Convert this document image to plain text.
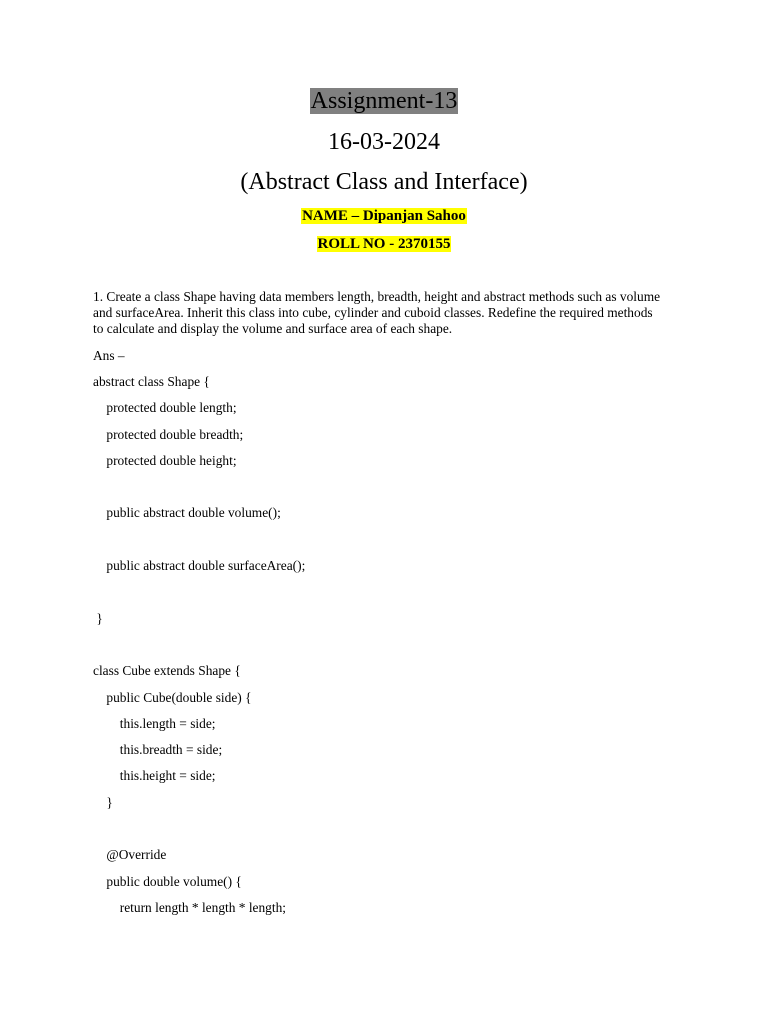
Assignment-13
16-03-2024
(Abstract Class and Interface)
NAME – Dipanjan Sahoo
ROLL NO - 2370155
1. Create a class Shape having data members length, breadth, height and abstract methods such as volume and surfaceArea. Inherit this class into cube, cylinder and cuboid classes. Redefine the required methods to calculate and display the volume and surface area of each shape.
Ans –
abstract class Shape {
protected double length;
protected double breadth;
protected double height;
public abstract double volume();
public abstract double surfaceArea();
}
class Cube extends Shape {
public Cube(double side) {
this.length = side;
this.breadth = side;
this.height = side;
}
@Override
public double volume() {
return length * length * length;
